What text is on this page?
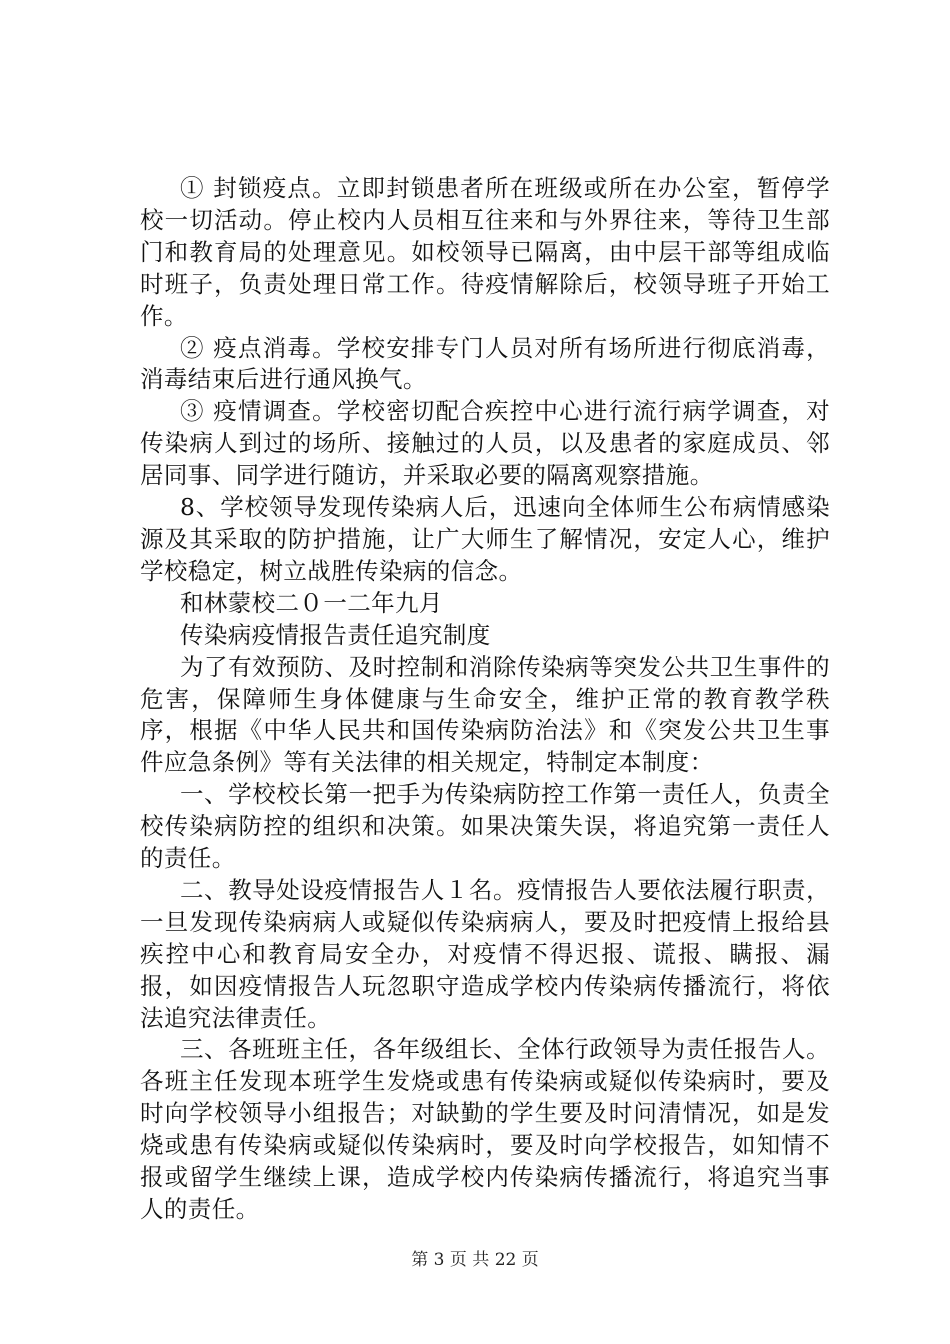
① 封锁疫点。立即封锁患者所在班级或所在办公室，暂停学校一切活动。停止校内人员相互往来和与外界往来，等待卫生部门和教育局的处理意见。如校领导已隔离，由中层干部等组成临时班子，负责处理日常工作。待疫情解除后，校领导班子开始工作。

② 疫点消毒。学校安排专门人员对所有场所进行彻底消毒，消毒结束后进行通风换气。

③ 疫情调查。学校密切配合疾控中心进行流行病学调查，对传染病人到过的场所、接触过的人员，以及患者的家庭成员、邻居同事、同学进行随访，并采取必要的隔离观察措施。

8、学校领导发现传染病人后，迅速向全体师生公布病情感染源及其采取的防护措施，让广大师生了解情况，安定人心，维护学校稳定，树立战胜传染病的信念。

和林蒙校二０一二年九月

传染病疫情报告责任追究制度

为了有效预防、及时控制和消除传染病等突发公共卫生事件的危害，保障师生身体健康与生命安全，维护正常的教育教学秩序，根据《中华人民共和国传染病防治法》和《突发公共卫生事件应急条例》等有关法律的相关规定，特制定本制度：

一、学校校长第一把手为传染病防控工作第一责任人，负责全校传染病防控的组织和决策。如果决策失误，将追究第一责任人的责任。

二、教导处设疫情报告人１名。疫情报告人要依法履行职责，一旦发现传染病病人或疑似传染病病人，要及时把疫情上报给县疾控中心和教育局安全办，对疫情不得迟报、谎报、瞒报、漏报，如因疫情报告人玩忽职守造成学校内传染病传播流行，将依法追究法律责任。

三、各班班主任，各年级组长、全体行政领导为责任报告人。各班主任发现本班学生发烧或患有传染病或疑似传染病时，要及时向学校领导小组报告；对缺勤的学生要及时问清情况，如是发烧或患有传染病或疑似传染病时，要及时向学校报告，如知情不报或留学生继续上课，造成学校内传染病传播流行，将追究当事人的责任。

第 3 页 共 22 页
